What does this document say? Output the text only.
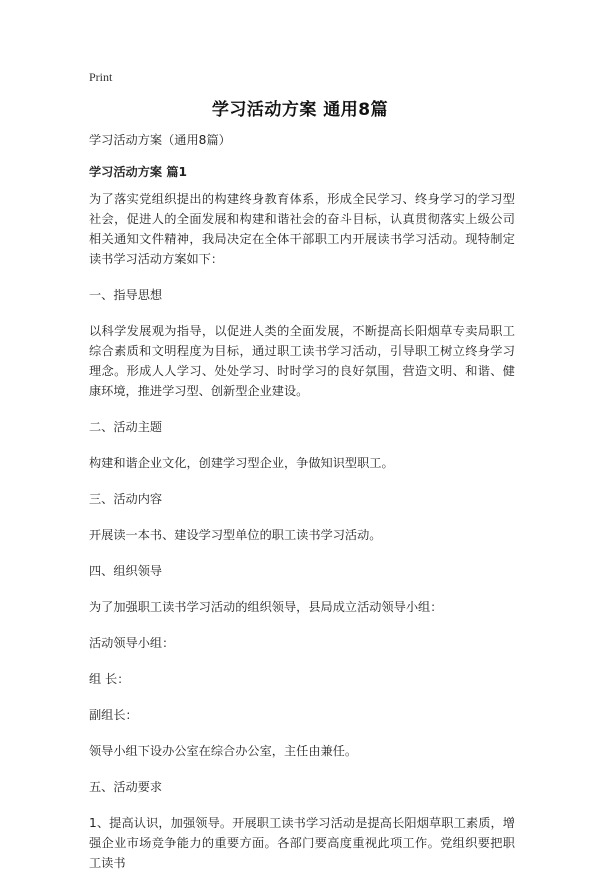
Print
学习活动方案 通用8篇

学习活动方案（通用8篇）

学习活动方案 篇1

为了落实党组织提出的构建终身教育体系，形成全民学习、终身学习的学习型社会，促进人的全面发展和构建和谐社会的奋斗目标，认真贯彻落实上级公司相关通知文件精神，我局决定在全体干部职工内开展读书学习活动。现特制定读书学习活动方案如下：

一、指导思想

以科学发展观为指导，以促进人类的全面发展，不断提高长阳烟草专卖局职工综合素质和文明程度为目标，通过职工读书学习活动，引导职工树立终身学习理念。形成人人学习、处处学习、时时学习的良好氛围，营造文明、和谐、健康环境，推进学习型、创新型企业建设。

二、活动主题

构建和谐企业文化，创建学习型企业，争做知识型职工。

三、活动内容

开展读一本书、建设学习型单位的职工读书学习活动。

四、组织领导

为了加强职工读书学习活动的组织领导，县局成立活动领导小组：

活动领导小组：

组 长：

副组长：

领导小组下设办公室在综合办公室，主任由兼任。

五、活动要求

1、提高认识，加强领导。开展职工读书学习活动是提高长阳烟草职工素质，增强企业市场竞争能力的重要方面。各部门要高度重视此项工作。党组织要把职工读书
